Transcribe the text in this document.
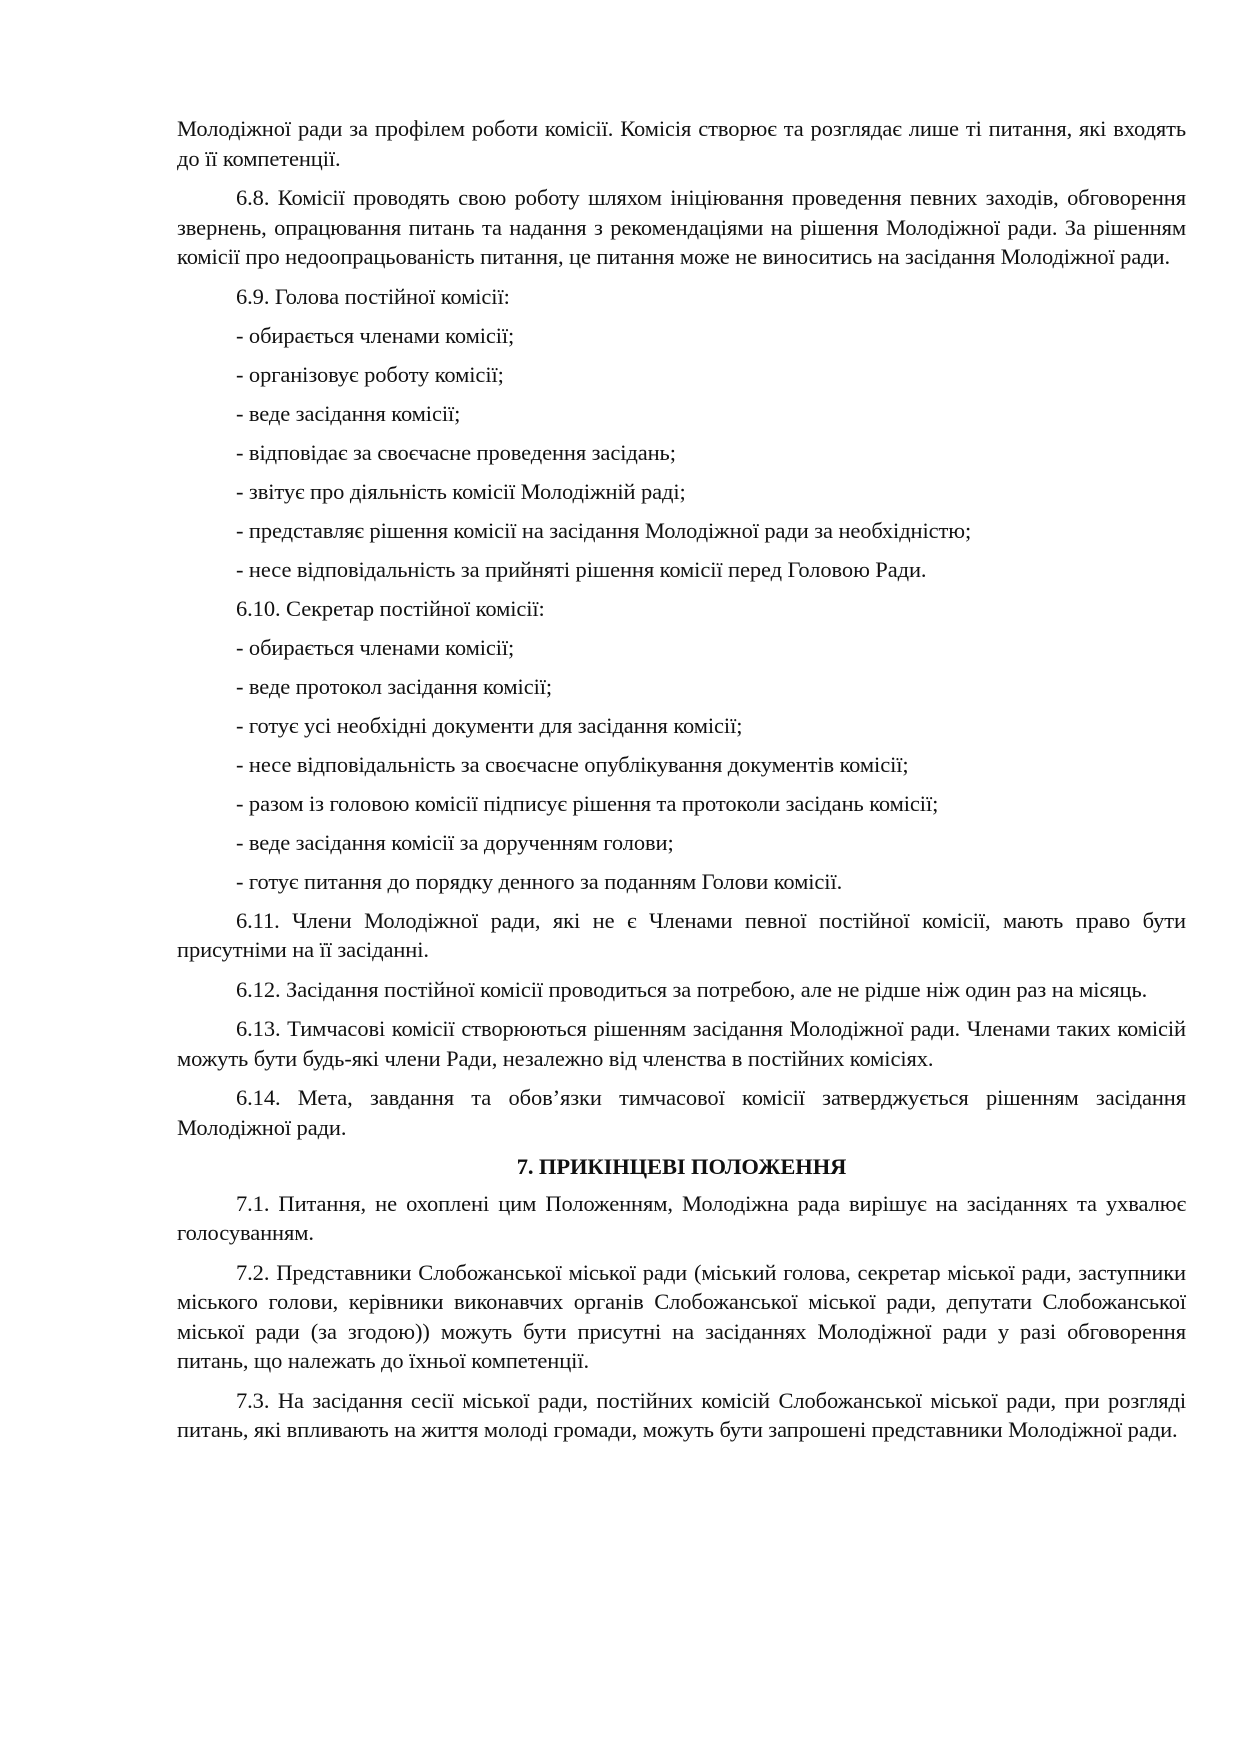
Молодіжної ради за профілем роботи комісії. Комісія створює та розглядає лише ті питання, які входять до її компетенції.

6.8. Комісії проводять свою роботу шляхом ініціювання проведення певних заходів, обговорення звернень, опрацювання питань та надання з рекомендаціями на рішення Молодіжної ради. За рішенням комісії про недоопрацьованість питання, це питання може не виноситись на засідання Молодіжної ради.

6.9. Голова постійної комісії:

- обирається членами комісії;

- організовує роботу комісії;

- веде засідання комісії;

- відповідає за своєчасне проведення засідань;

- звітує про діяльність комісії Молодіжній раді;

- представляє рішення комісії на засідання Молодіжної ради за необхідністю;

- несе відповідальність за прийняті рішення комісії перед Головою Ради.

6.10. Секретар постійної комісії:

- обирається членами комісії;

- веде протокол засідання комісії;

- готує усі необхідні документи для засідання комісії;

- несе відповідальність за своєчасне опублікування документів комісії;

- разом із головою комісії підписує рішення та протоколи засідань комісії;

- веде засідання комісії за дорученням голови;

- готує питання до порядку денного за поданням Голови комісії.

6.11. Члени Молодіжної ради, які не є Членами певної постійної комісії, мають право бути присутніми на її засіданні.

6.12. Засідання постійної комісії проводиться за потребою, але не рідше ніж один раз на місяць.

6.13. Тимчасові комісії створюються рішенням засідання Молодіжної ради. Членами таких комісій можуть бути будь-які члени Ради, незалежно від членства в постійних комісіях.

6.14. Мета, завдання та обов’язки тимчасової комісії затверджується рішенням засідання Молодіжної ради.

7. ПРИКІНЦЕВІ ПОЛОЖЕННЯ

7.1. Питання, не охоплені цим Положенням, Молодіжна рада вирішує на засіданнях та ухвалює голосуванням.

7.2. Представники Слобожанської міської ради (міський голова, секретар міської ради, заступники міського голови, керівники виконавчих органів Слобожанської міської ради, депутати Слобожанської міської ради (за згодою)) можуть бути присутні на засіданнях Молодіжної ради у разі обговорення питань, що належать до їхньої компетенції.

7.3. На засідання сесії міської ради, постійних комісій Слобожанської міської ради, при розгляді питань, які впливають на життя молоді громади, можуть бути запрошені представники Молодіжної ради.
